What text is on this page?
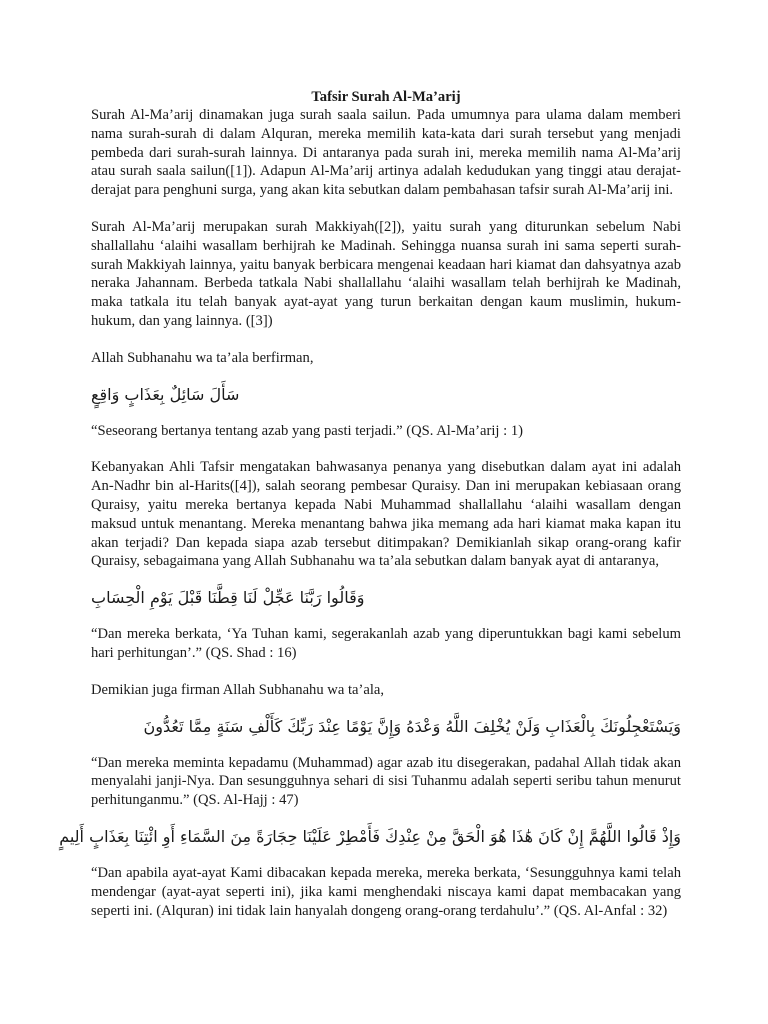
Tafsir Surah Al-Ma’arij

Surah Al-Ma’arij dinamakan juga surah saala sailun. Pada umumnya para ulama dalam memberi nama surah-surah di dalam Alquran, mereka memilih kata-kata dari surah tersebut yang menjadi pembeda dari surah-surah lainnya. Di antaranya pada surah ini, mereka memilih nama Al-Ma’arij atau surah saala sailun([1]). Adapun Al-Ma’arij artinya adalah kedudukan yang tinggi atau derajat-derajat para penghuni surga, yang akan kita sebutkan dalam pembahasan tafsir surah Al-Ma’arij ini.

Surah Al-Ma’arij merupakan surah Makkiyah([2]), yaitu surah yang diturunkan sebelum Nabi shallallahu ‘alaihi wasallam berhijrah ke Madinah. Sehingga nuansa surah ini sama seperti surah-surah Makkiyah lainnya, yaitu banyak berbicara mengenai keadaan hari kiamat dan dahsyatnya azab neraka Jahannam. Berbeda tatkala Nabi shallallahu ‘alaihi wasallam telah berhijrah ke Madinah, maka tatkala itu telah banyak ayat-ayat yang turun berkaitan dengan kaum muslimin, hukum-hukum, dan yang lainnya. ([3])

Allah Subhanahu wa ta’ala berfirman,

سَأَلَ سَائِلٌ بِعَذَابٍ وَاقِعٍ

“Seseorang bertanya tentang azab yang pasti terjadi.” (QS. Al-Ma’arij : 1)

Kebanyakan Ahli Tafsir mengatakan bahwasanya penanya yang disebutkan dalam ayat ini adalah An-Nadhr bin al-Harits([4]), salah seorang pembesar Quraisy. Dan ini merupakan kebiasaan orang Quraisy, yaitu mereka bertanya kepada Nabi Muhammad shallallahu ‘alaihi wasallam dengan maksud untuk menantang. Mereka menantang bahwa jika memang ada hari kiamat maka kapan itu akan terjadi? Dan kepada siapa azab tersebut ditimpakan? Demikianlah sikap orang-orang kafir Quraisy, sebagaimana yang Allah Subhanahu wa ta’ala sebutkan dalam banyak ayat di antaranya,

وَقَالُوا رَبَّنَا عَجِّلْ لَنَا قِطَّنَا قَبْلَ يَوْمِ الْحِسَابِ

“Dan mereka berkata, ‘Ya Tuhan kami, segerakanlah azab yang diperuntukkan bagi kami sebelum hari perhitungan’.” (QS. Shad : 16)

Demikian juga firman Allah Subhanahu wa ta’ala,

وَيَسْتَعْجِلُونَكَ بِالْعَذَابِ وَلَنْ يُخْلِفَ اللَّهُ وَعْدَهُ وَإِنَّ يَوْمًا عِنْدَ رَبِّكَ كَأَلْفِ سَنَةٍ مِمَّا تَعُدُّونَ

“Dan mereka meminta kepadamu (Muhammad) agar azab itu disegerakan, padahal Allah tidak akan menyalahi janji-Nya. Dan sesungguhnya sehari di sisi Tuhanmu adalah seperti seribu tahun menurut perhitunganmu.” (QS. Al-Hajj : 47)

وَإِذْ قَالُوا اللَّهُمَّ إِنْ كَانَ هَٰذَا هُوَ الْحَقَّ مِنْ عِنْدِكَ فَأَمْطِرْ عَلَيْنَا حِجَارَةً مِنَ السَّمَاءِ أَوِ ائْتِنَا بِعَذَابٍ أَلِيمٍ

“Dan apabila ayat-ayat Kami dibacakan kepada mereka, mereka berkata, ‘Sesungguhnya kami telah mendengar (ayat-ayat seperti ini), jika kami menghendaki niscaya kami dapat membacakan yang seperti ini. (Alquran) ini tidak lain hanyalah dongeng orang-orang terdahulu’.” (QS. Al-Anfal : 32)
